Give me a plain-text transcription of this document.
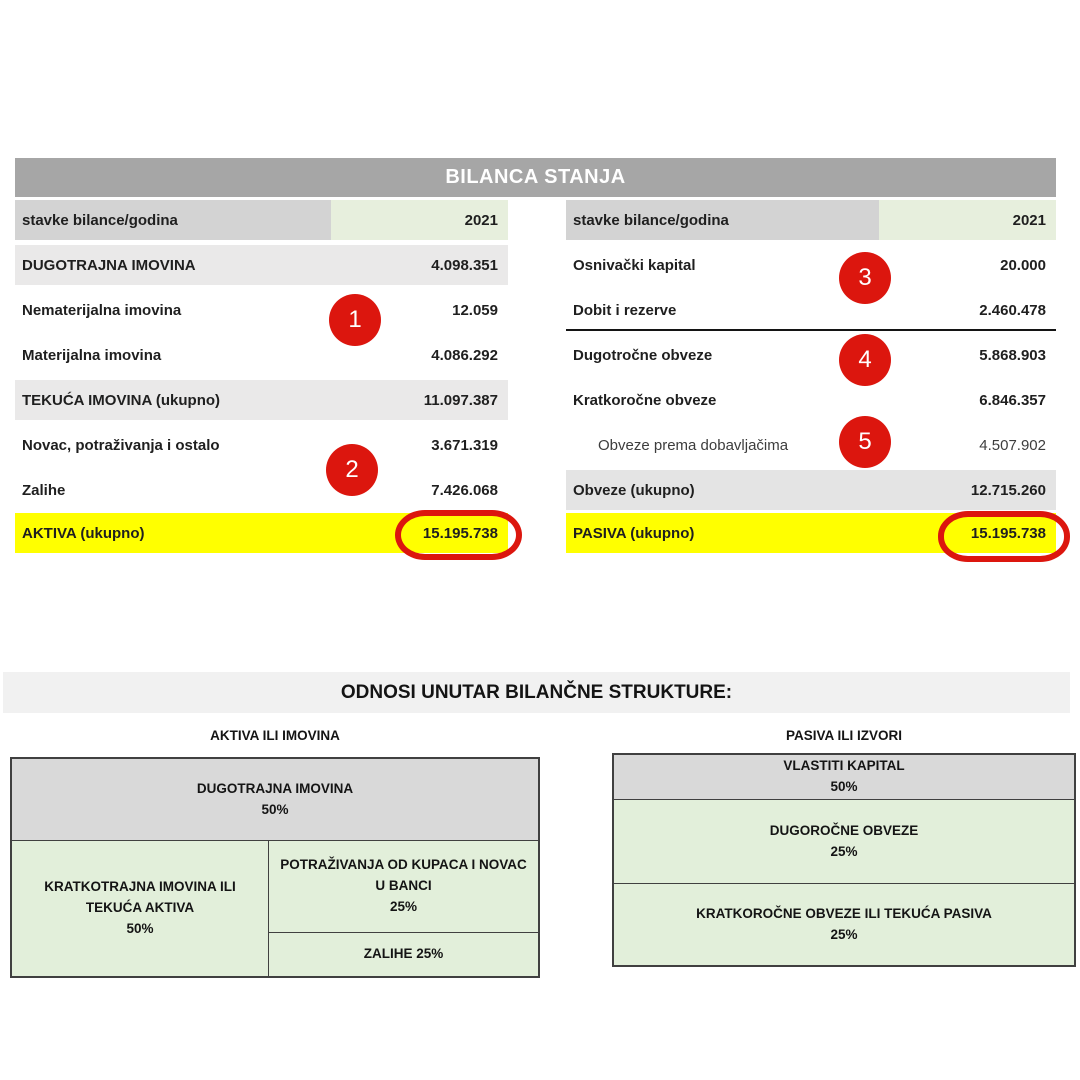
BILANCA STANJA
stavke bilance/godina	2021
DUGOTRAJNA IMOVINA	4.098.351
Nematerijalna imovina	12.059
Materijalna imovina	4.086.292
TEKUĆA IMOVINA (ukupno)	11.097.387
Novac, potraživanja i ostalo	3.671.319
Zalihe	7.426.068
AKTIVA (ukupno)	15.195.738
stavke bilance/godina	2021
Osnivački kapital	20.000
Dobit i rezerve	2.460.478
Dugotročne obveze	5.868.903
Kratkoročne obveze	6.846.357
Obveze prema dobavljačima	4.507.902
Obveze (ukupno)	12.715.260
PASIVA (ukupno)	15.195.738
1
2
3
4
5
ODNOSI UNUTAR BILANČNE STRUKTURE:
AKTIVA ILI IMOVINA	PASIVA ILI IZVORI
DUGOTRAJNA IMOVINA
50%
KRATKOTRAJNA IMOVINA ILI TEKUĆA AKTIVA
50%
POTRAŽIVANJA OD KUPACA I NOVAC U BANCI
25%
ZALIHE 25%
VLASTITI KAPITAL
50%
DUGOROČNE OBVEZE
25%
KRATKOROČNE OBVEZE ILI TEKUĆA PASIVA
25%
